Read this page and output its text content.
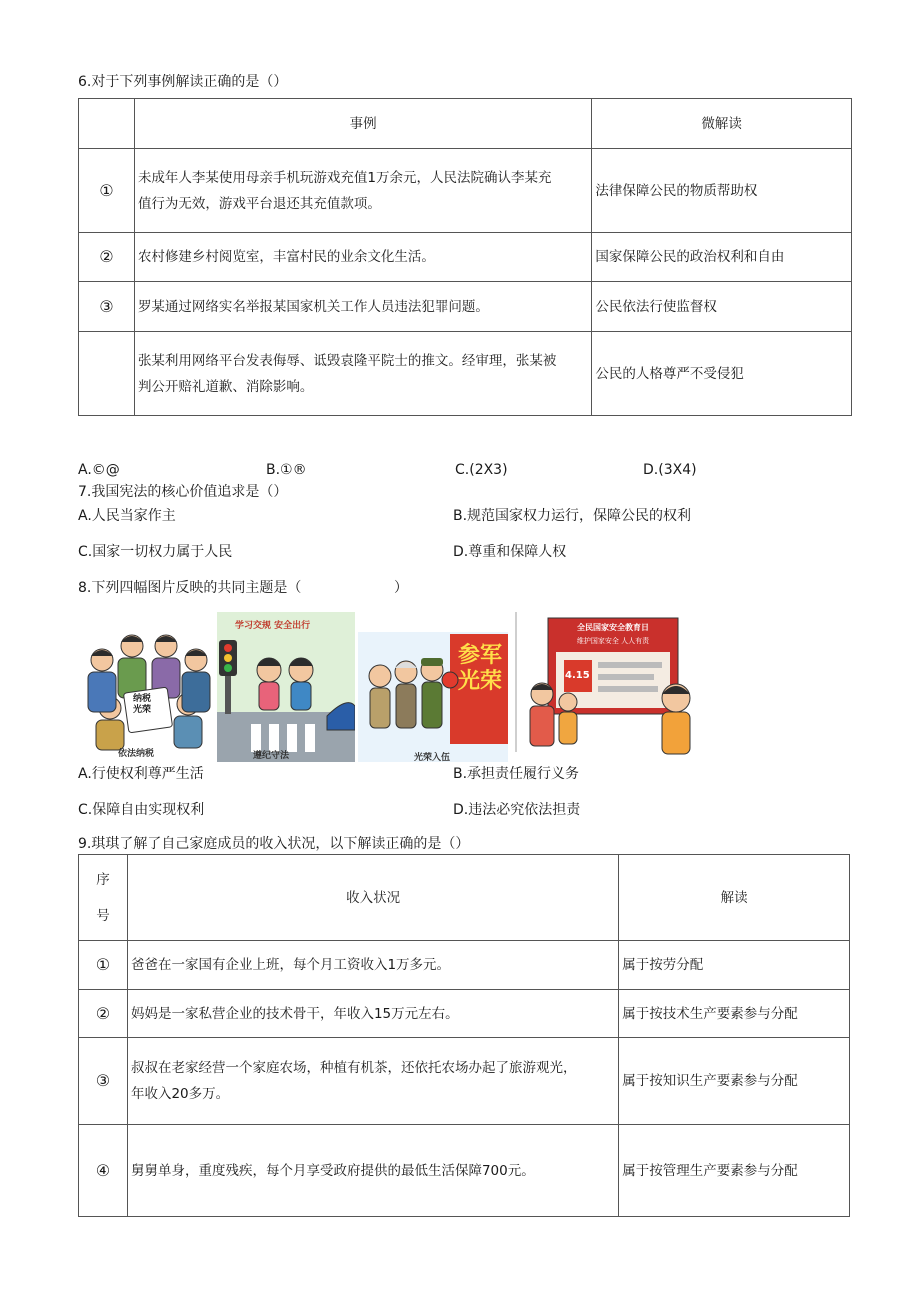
6.对于下列事例解读正确的是（）
	事例	微解读
①	未成年人李某使用母亲手机玩游戏充值1万余元，人民法院确认李某充
值行为无效，游戏平台退还其充值款项。	法律保障公民的物质帮助权
②	农村修建乡村阅览室，丰富村民的业余文化生活。	国家保障公民的政治权利和自由
③	罗某通过网络实名举报某国家机关工作人员违法犯罪问题。	公民依法行使监督权

	张某利用网络平台发表侮辱、诋毁袁隆平院士的推文。经审理，张某被
判公开赔礼道歉、消除影响。	公民的人格尊严不受侵犯
A.©@	B.①®	C.(2X3)	D.(3X4)
7.我国宪法的核心价值追求是（）
A.人民当家作主	B.规范国家权力运行，保障公民的权利
C.国家一切权力属于人民	D.尊重和保障人权
8.下列四幅图片反映的共同主题是（	）
纳税
光荣
依法纳税
学习交规 安全出行
遵纪守法
参军光荣
光荣入伍
全民国家安全教育日
维护国家安全 人人有责
4.15
A.行使权利尊严生活	B.承担责任履行义务
C.保障自由实现权利	D.违法必究依法担责
9.琪琪了解了自己家庭成员的收入状况，以下解读正确的是（）
序
号	收入状况	解读
①	爸爸在一家国有企业上班，每个月工资收入1万多元。	属于按劳分配
②	妈妈是一家私营企业的技术骨干，年收入15万元左右。	属于按技术生产要素参与分配
③	叔叔在老家经营一个家庭农场，种植有机茶，还依托农场办起了旅游观光，
年收入20多万。	属于按知识生产要素参与分配
④	舅舅单身，重度残疾，每个月享受政府提供的最低生活保障700元。	属于按管理生产要素参与分配
